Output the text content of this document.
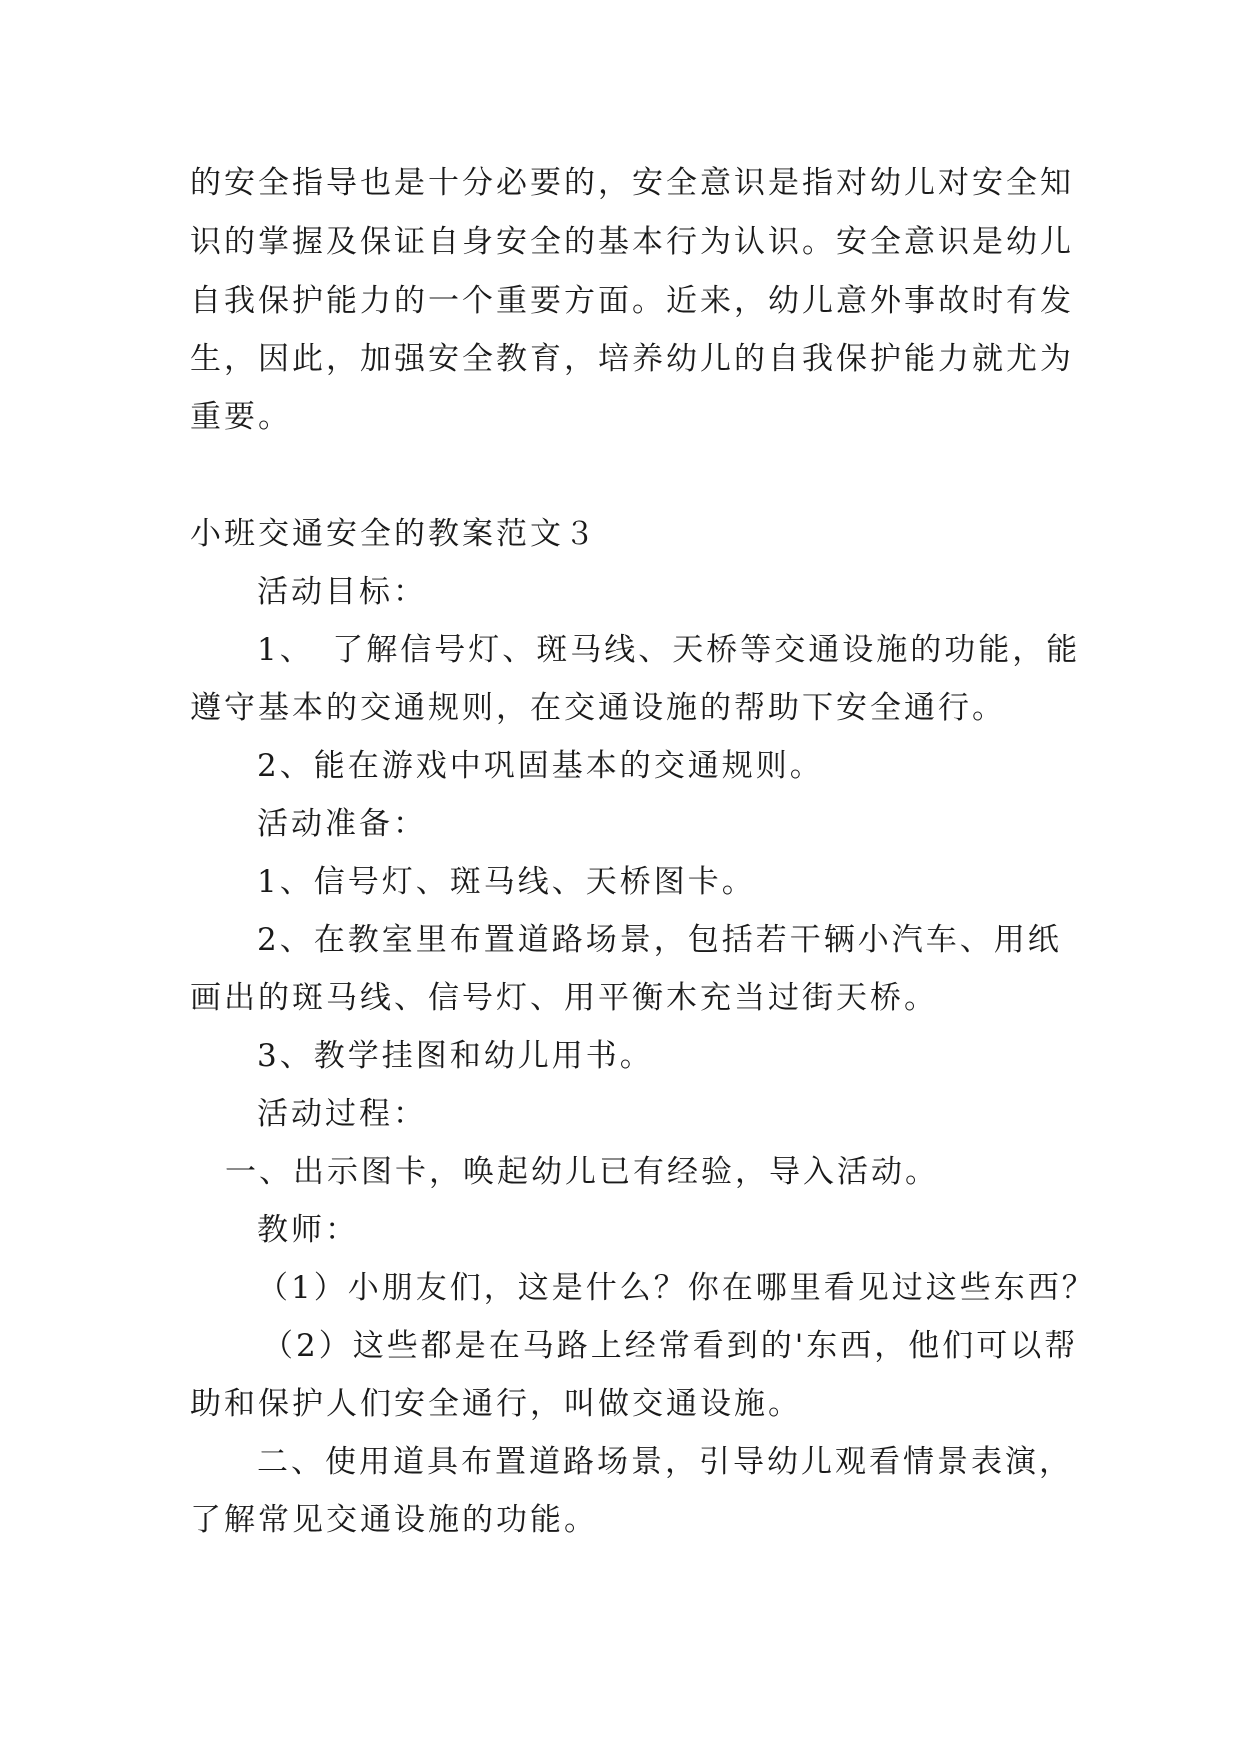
的安全指导也是十分必要的，安全意识是指对幼儿对安全知
识的掌握及保证自身安全的基本行为认识。安全意识是幼儿
自我保护能力的一个重要方面。近来，幼儿意外事故时有发
生，因此，加强安全教育，培养幼儿的自我保护能力就尤为
重要。
小班交通安全的教案范文３
活动目标：
1、　了解信号灯、斑马线、天桥等交通设施的功能，能
遵守基本的交通规则，在交通设施的帮助下安全通行。
2、能在游戏中巩固基本的交通规则。
活动准备：
1、信号灯、斑马线、天桥图卡。
2、在教室里布置道路场景，包括若干辆小汽车、用纸
画出的斑马线、信号灯、用平衡木充当过街天桥。
3、教学挂图和幼儿用书。
活动过程：
一、出示图卡，唤起幼儿已有经验，导入活动。
教师：
（1）小朋友们，这是什么？你在哪里看见过这些东西？
（2）这些都是在马路上经常看到的'东西，他们可以帮
助和保护人们安全通行，叫做交通设施。
二、使用道具布置道路场景，引导幼儿观看情景表演，
了解常见交通设施的功能。
